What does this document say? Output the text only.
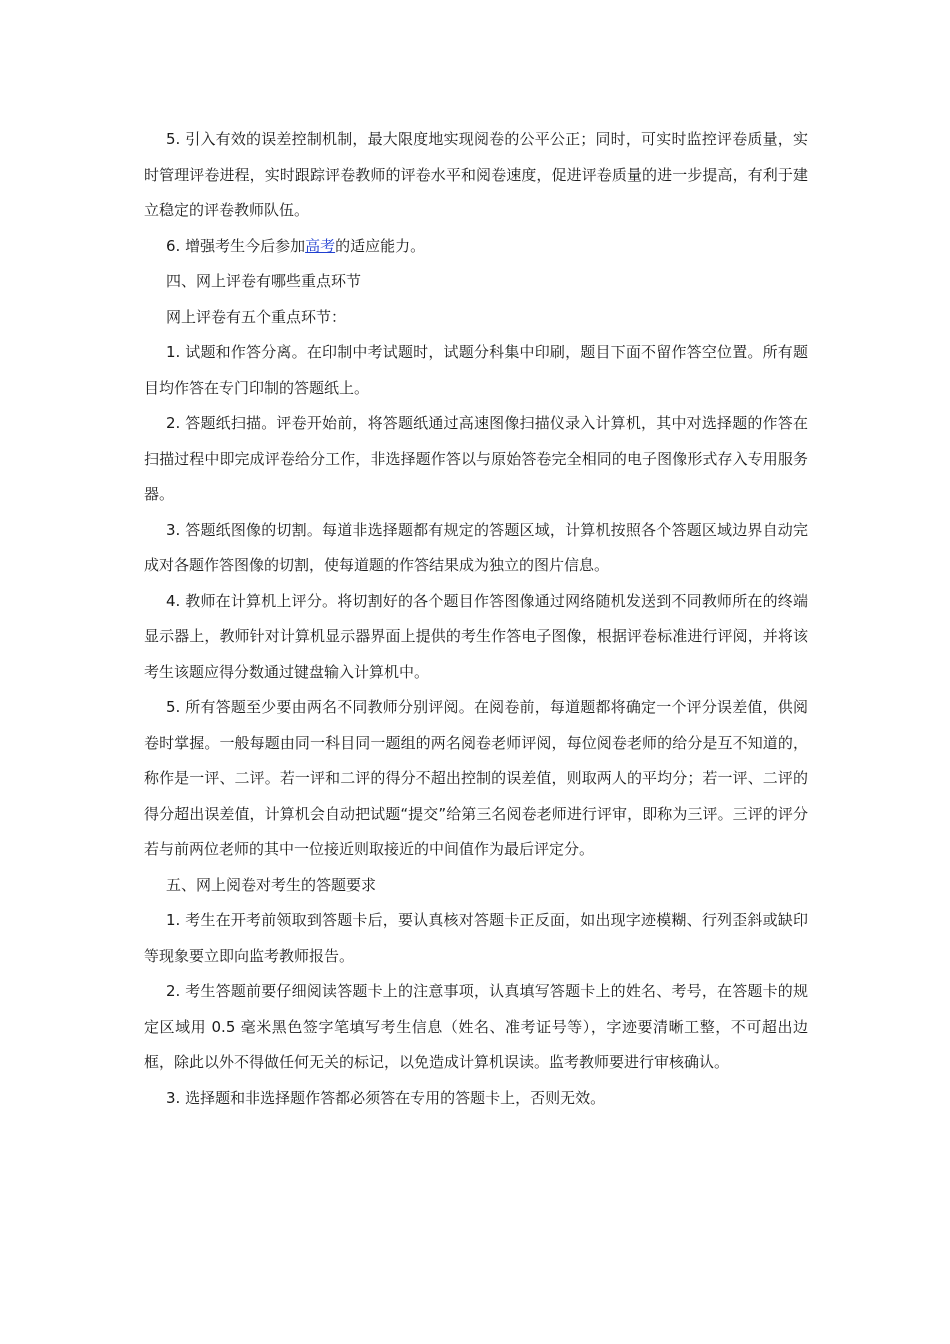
5. 引入有效的误差控制机制，最大限度地实现阅卷的公平公正；同时，可实时监控评卷质量，实时管理评卷进程，实时跟踪评卷教师的评卷水平和阅卷速度，促进评卷质量的进一步提高，有利于建立稳定的评卷教师队伍。

6. 增强考生今后参加高考的适应能力。

四、网上评卷有哪些重点环节

网上评卷有五个重点环节：

1. 试题和作答分离。在印制中考试题时，试题分科集中印刷，题目下面不留作答空位置。所有题目均作答在专门印制的答题纸上。

2. 答题纸扫描。评卷开始前，将答题纸通过高速图像扫描仪录入计算机，其中对选择题的作答在扫描过程中即完成评卷给分工作，非选择题作答以与原始答卷完全相同的电子图像形式存入专用服务器。

3. 答题纸图像的切割。每道非选择题都有规定的答题区域，计算机按照各个答题区域边界自动完成对各题作答图像的切割，使每道题的作答结果成为独立的图片信息。

4. 教师在计算机上评分。将切割好的各个题目作答图像通过网络随机发送到不同教师所在的终端显示器上，教师针对计算机显示器界面上提供的考生作答电子图像，根据评卷标准进行评阅，并将该考生该题应得分数通过键盘输入计算机中。

5. 所有答题至少要由两名不同教师分别评阅。在阅卷前，每道题都将确定一个评分误差值，供阅卷时掌握。一般每题由同一科目同一题组的两名阅卷老师评阅，每位阅卷老师的给分是互不知道的，称作是一评、二评。若一评和二评的得分不超出控制的误差值，则取两人的平均分；若一评、二评的得分超出误差值，计算机会自动把试题“提交”给第三名阅卷老师进行评审，即称为三评。三评的评分若与前两位老师的其中一位接近则取接近的中间值作为最后评定分。

五、网上阅卷对考生的答题要求

1. 考生在开考前领取到答题卡后，要认真核对答题卡正反面，如出现字迹模糊、行列歪斜或缺印等现象要立即向监考教师报告。

2. 考生答题前要仔细阅读答题卡上的注意事项，认真填写答题卡上的姓名、考号，在答题卡的规定区域用 0.5 毫米黑色签字笔填写考生信息（姓名、准考证号等），字迹要清晰工整，不可超出边框，除此以外不得做任何无关的标记，以免造成计算机误读。监考教师要进行审核确认。

3. 选择题和非选择题作答都必须答在专用的答题卡上，否则无效。
